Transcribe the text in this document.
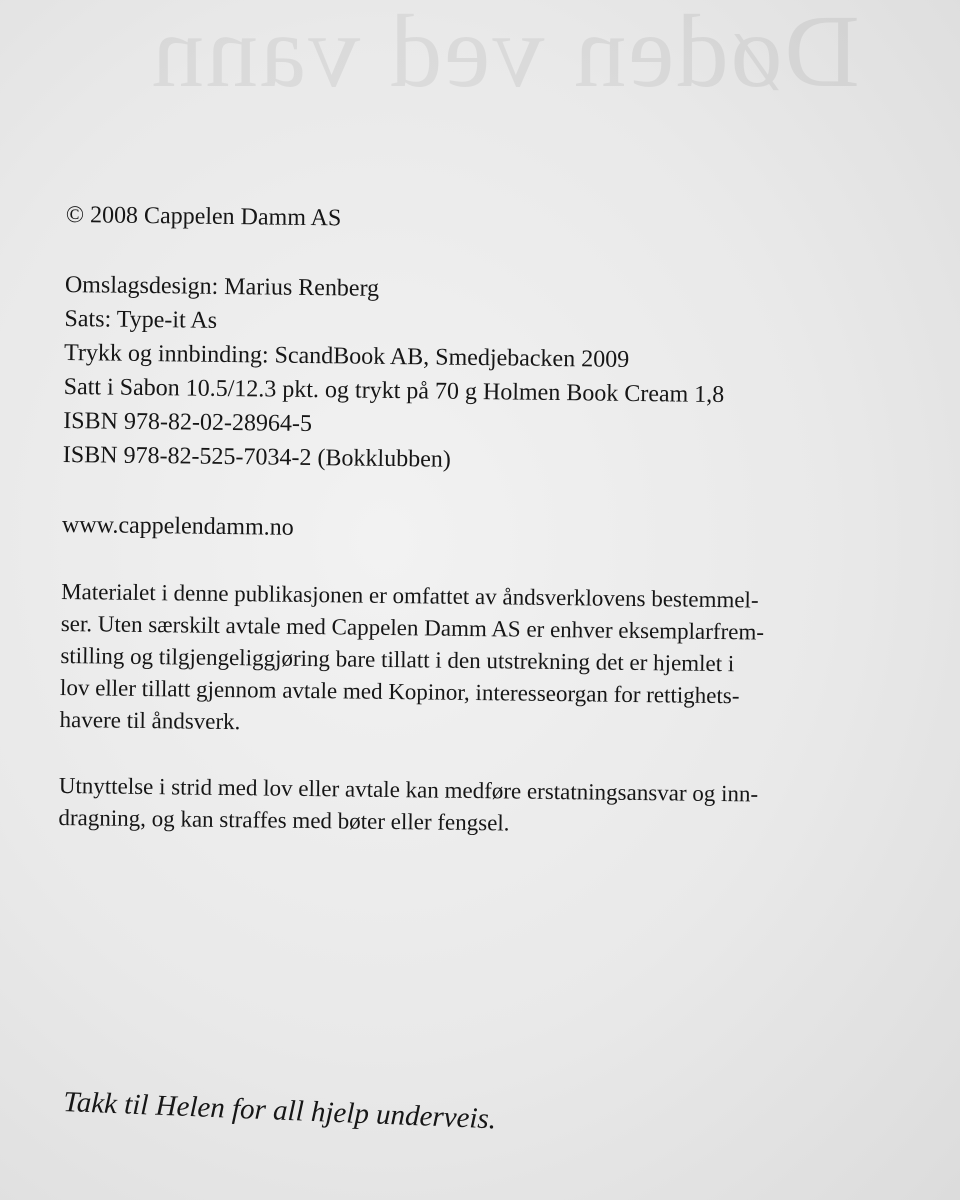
Døden ved vann
© 2008 Cappelen Damm AS
Omslagsdesign: Marius Renberg
Sats: Type-it As
Trykk og innbinding: ScandBook AB, Smedjebacken 2009
Satt i Sabon 10.5/12.3 pkt. og trykt på 70 g Holmen Book Cream 1,8
ISBN 978-82-02-28964-5
ISBN 978-82-525-7034-2 (Bokklubben)
www.cappelendamm.no
Materialet i denne publikasjonen er omfattet av åndsverklovens bestemmel-
ser. Uten særskilt avtale med Cappelen Damm AS er enhver eksemplarfrem-
stilling og tilgjengeliggjøring bare tillatt i den utstrekning det er hjemlet i
lov eller tillatt gjennom avtale med Kopinor, interesseorgan for rettighets-
havere til åndsverk.
Utnyttelse i strid med lov eller avtale kan medføre erstatningsansvar og inn-
dragning, og kan straffes med bøter eller fengsel.
Takk til Helen for all hjelp underveis.
